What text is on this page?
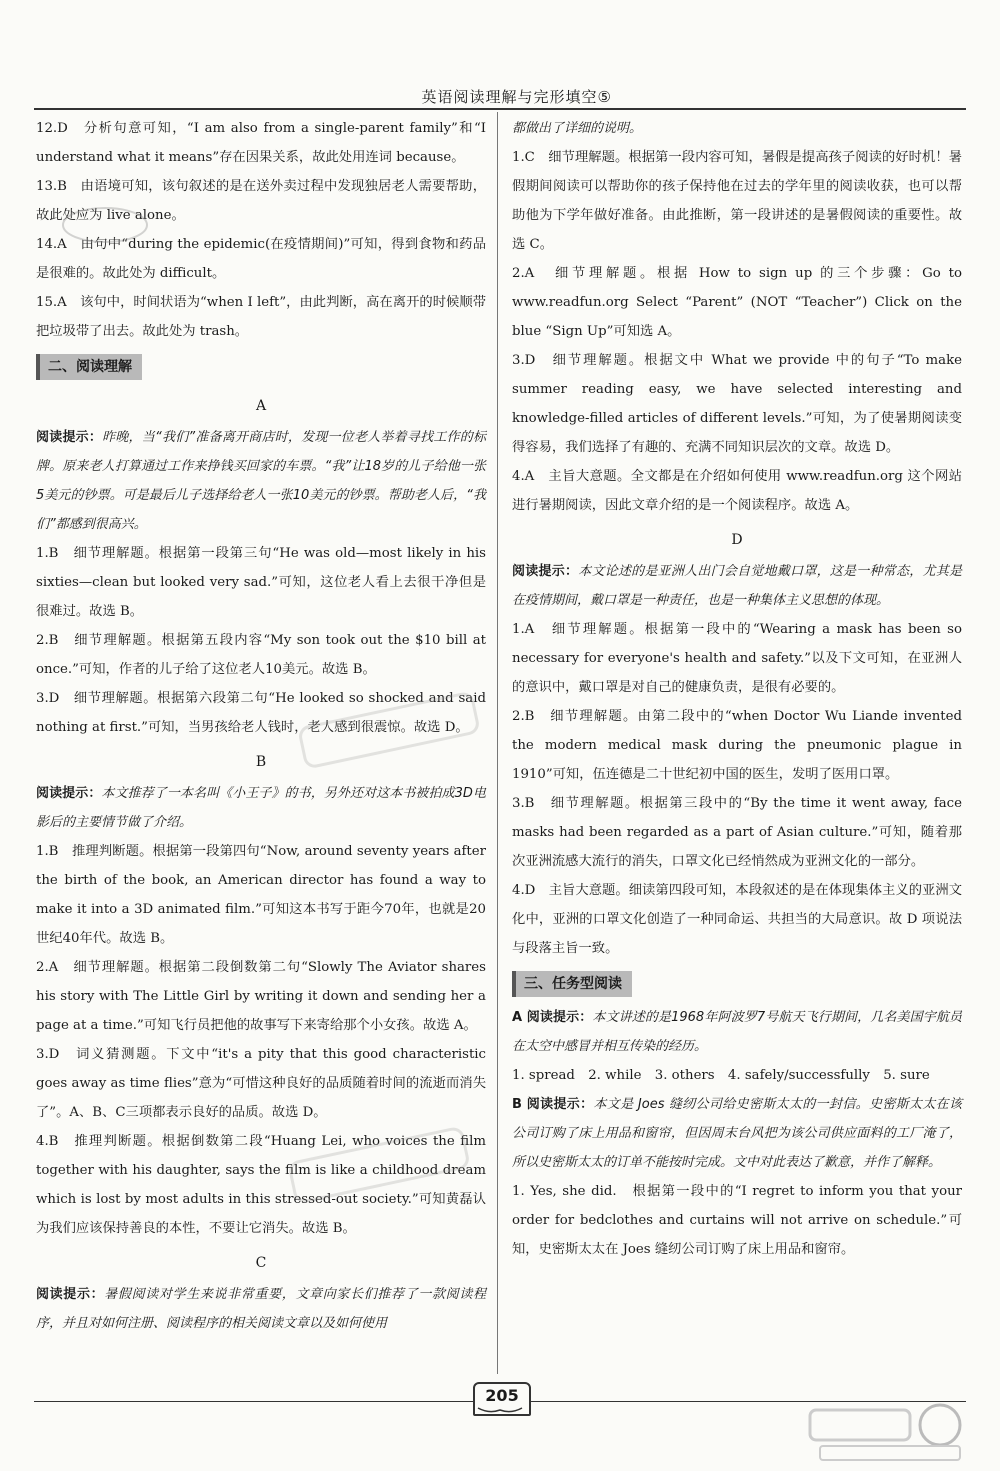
英语阅读理解与完形填空⑤

12.D　分析句意可知，“I am also from a single-parent family”和“I understand what it means”存在因果关系，故此处用连词 because。

13.B　由语境可知，该句叙述的是在送外卖过程中发现独居老人需要帮助，故此处应为 live alone。

14.A　由句中“during the epidemic(在疫情期间)”可知，得到食物和药品是很难的。故此处为 difficult。

15.A　该句中，时间状语为“when I left”，由此判断，高在离开的时候顺带把垃圾带了出去。故此处为 trash。

二、阅读理解
A

阅读提示：昨晚，当“我们”准备离开商店时，发现一位老人举着寻找工作的标牌。原来老人打算通过工作来挣钱买回家的车票。“我”让18岁的儿子给他一张5美元的钞票。可是最后儿子选择给老人一张10美元的钞票。帮助老人后，“我们”都感到很高兴。

1.B　细节理解题。根据第一段第三句“He was old—most likely in his sixties—clean but looked very sad.”可知，这位老人看上去很干净但是很难过。故选 B。

2.B　细节理解题。根据第五段内容“My son took out the $10 bill at once.”可知，作者的儿子给了这位老人10美元。故选 B。

3.D　细节理解题。根据第六段第二句“He looked so shocked and said nothing at first.”可知，当男孩给老人钱时，老人感到很震惊。故选 D。

B

阅读提示：本文推荐了一本名叫《小王子》的书，另外还对这本书被拍成3D电影后的主要情节做了介绍。

1.B　推理判断题。根据第一段第四句“Now, around seventy years after the birth of the book, an American director has found a way to make it into a 3D animated film.”可知这本书写于距今70年，也就是20世纪40年代。故选 B。

2.A　细节理解题。根据第二段倒数第二句“Slowly The Aviator shares his story with The Little Girl by writing it down and sending her a page at a time.”可知飞行员把他的故事写下来寄给那个小女孩。故选 A。

3.D　词义猜测题。下文中“it's a pity that this good characteristic goes away as time flies”意为“可惜这种良好的品质随着时间的流逝而消失了”。A、B、C三项都表示良好的品质。故选 D。

4.B　推理判断题。根据倒数第二段“Huang Lei, who voices the film together with his daughter, says the film is like a childhood dream which is lost by most adults in this stressed-out society.”可知黄磊认为我们应该保持善良的本性，不要让它消失。故选 B。

C

阅读提示：暑假阅读对学生来说非常重要，文章向家长们推荐了一款阅读程序，并且对如何注册、阅读程序的相关阅读文章以及如何使用

都做出了详细的说明。

1.C　细节理解题。根据第一段内容可知，暑假是提高孩子阅读的好时机！暑假期间阅读可以帮助你的孩子保持他在过去的学年里的阅读收获，也可以帮助他为下学年做好准备。由此推断，第一段讲述的是暑假阅读的重要性。故选 C。

2.A　细节理解题。根据 How to sign up 的三个步骤：Go to www.readfun.org Select “Parent” (NOT “Teacher”) Click on the blue “Sign Up”可知选 A。

3.D　细节理解题。根据文中 What we provide 中的句子“To make summer reading easy, we have selected interesting and knowledge-filled articles of different levels.”可知，为了使暑期阅读变得容易，我们选择了有趣的、充满不同知识层次的文章。故选 D。

4.A　主旨大意题。全文都是在介绍如何使用 www.readfun.org 这个网站进行暑期阅读，因此文章介绍的是一个阅读程序。故选 A。

D

阅读提示：本文论述的是亚洲人出门会自觉地戴口罩，这是一种常态，尤其是在疫情期间，戴口罩是一种责任，也是一种集体主义思想的体现。

1.A　细节理解题。根据第一段中的“Wearing a mask has been so necessary for everyone's health and safety.”以及下文可知，在亚洲人的意识中，戴口罩是对自己的健康负责，是很有必要的。

2.B　细节理解题。由第二段中的“when Doctor Wu Liande invented the modern medical mask during the pneumonic plague in 1910”可知，伍连德是二十世纪初中国的医生，发明了医用口罩。

3.B　细节理解题。根据第三段中的“By the time it went away, face masks had been regarded as a part of Asian culture.”可知，随着那次亚洲流感大流行的消失，口罩文化已经悄然成为亚洲文化的一部分。

4.D　主旨大意题。细读第四段可知，本段叙述的是在体现集体主义的亚洲文化中，亚洲的口罩文化创造了一种同命运、共担当的大局意识。故 D 项说法与段落主旨一致。

三、任务型阅读

A 阅读提示：本文讲述的是1968年阿波罗7号航天飞行期间，几名美国宇航员在太空中感冒并相互传染的经历。

1. spread　2. while　3. others　4. safely/successfully　5. sure

B 阅读提示：本文是 Joes 缝纫公司给史密斯太太的一封信。史密斯太太在该公司订购了床上用品和窗帘，但因周末台风把为该公司供应面料的工厂淹了，所以史密斯太太的订单不能按时完成。文中对此表达了歉意，并作了解释。

1. Yes, she did.　根据第一段中的“I regret to inform you that your order for bedclothes and curtains will not arrive on schedule.”可知，史密斯太太在 Joes 缝纫公司订购了床上用品和窗帘。

205
